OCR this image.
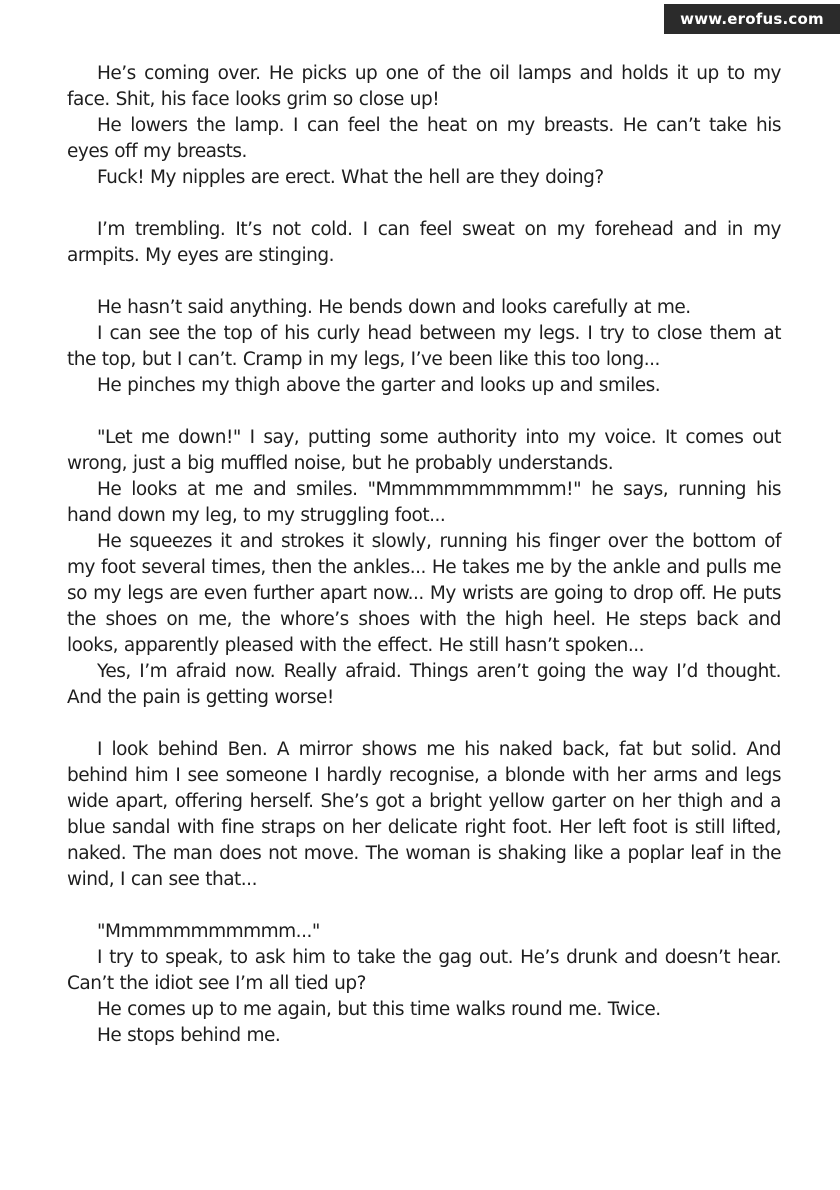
www.erofus.com

He’s coming over. He picks up one of the oil lamps and holds it up to my face. Shit, his face looks grim so close up!

He lowers the lamp. I can feel the heat on my breasts. He can’t take his eyes off my breasts.

Fuck! My nipples are erect. What the hell are they doing?

I’m trembling. It’s not cold. I can feel sweat on my forehead and in my armpits. My eyes are stinging.

He hasn’t said anything. He bends down and looks carefully at me.

I can see the top of his curly head between my legs. I try to close them at the top, but I can’t. Cramp in my legs, I’ve been like this too long...

He pinches my thigh above the garter and looks up and smiles.

"Let me down!" I say, putting some authority into my voice. It comes out wrong, just a big muffled noise, but he probably understands.

He looks at me and smiles. "Mmmmmmmmmmm!" he says, running his hand down my leg, to my struggling foot...

He squeezes it and strokes it slowly, running his finger over the bottom of my foot several times, then the ankles... He takes me by the ankle and pulls me so my legs are even further apart now... My wrists are going to drop off. He puts the shoes on me, the whore’s shoes with the high heel. He steps back and looks, apparently pleased with the effect. He still hasn’t spoken...

Yes, I’m afraid now. Really afraid. Things aren’t going the way I’d thought. And the pain is getting worse!

I look behind Ben. A mirror shows me his naked back, fat but solid. And behind him I see someone I hardly recognise, a blonde with her arms and legs wide apart, offering herself. She’s got a bright yellow garter on her thigh and a blue sandal with fine straps on her delicate right foot. Her left foot is still lifted, naked. The man does not move. The woman is shaking like a poplar leaf in the wind, I can see that...

"Mmmmmmmmmmm..."

I try to speak, to ask him to take the gag out. He’s drunk and doesn’t hear. Can’t the idiot see I’m all tied up?

He comes up to me again, but this time walks round me. Twice.

He stops behind me.
